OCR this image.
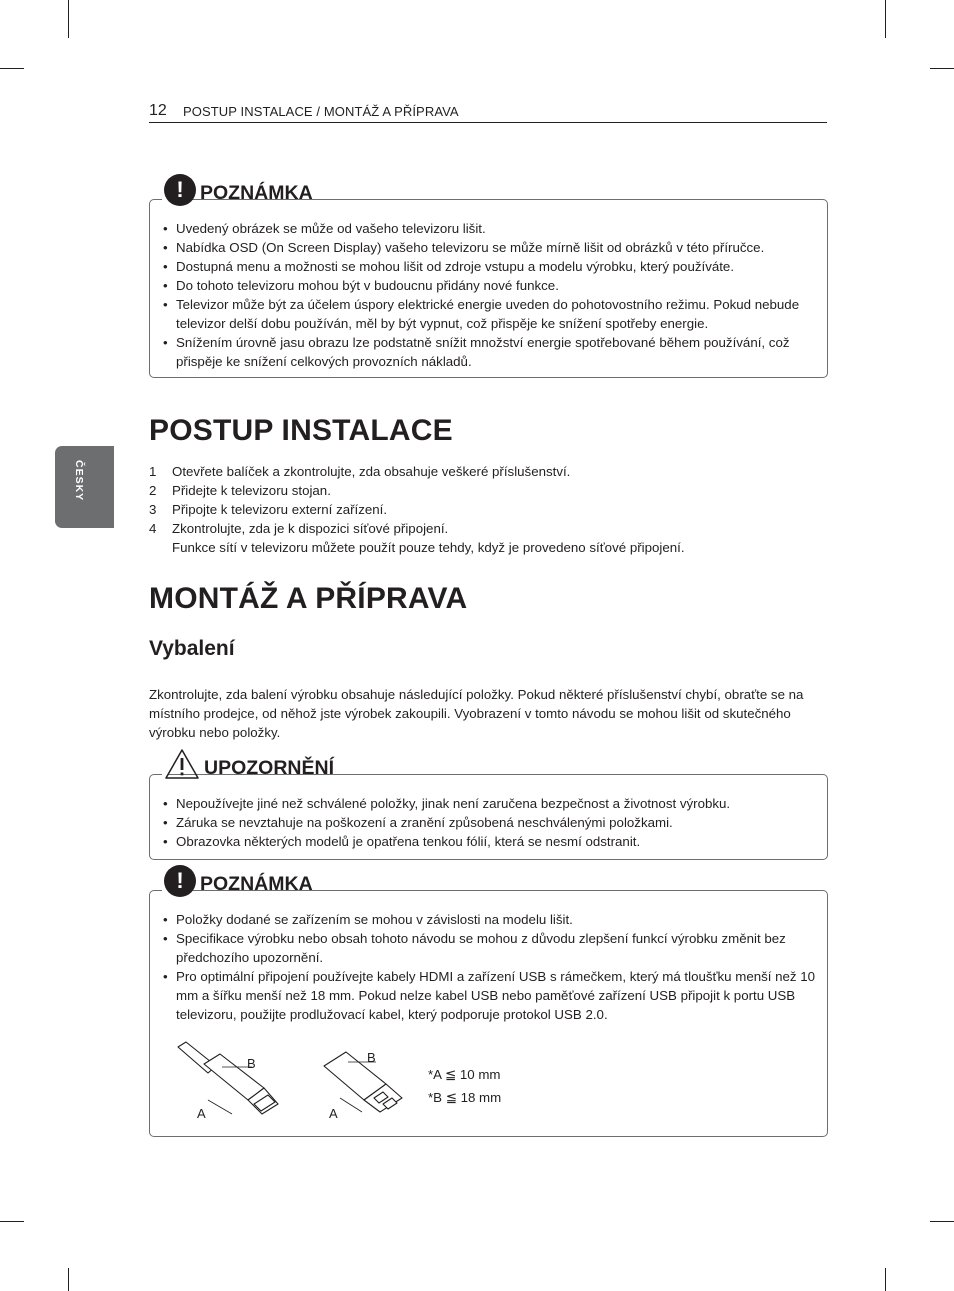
12 POSTUP INSTALACE / MONTÁŽ A PŘÍPRAVA
ČESKY
! POZNÁMKA
• Uvedený obrázek se může od vašeho televizoru lišit.
• Nabídka OSD (On Screen Display) vašeho televizoru se může mírně lišit od obrázků v této příručce.
• Dostupná menu a možnosti se mohou lišit od zdroje vstupu a modelu výrobku, který používáte.
• Do tohoto televizoru mohou být v budoucnu přidány nové funkce.
• Televizor může být za účelem úspory elektrické energie uveden do pohotovostního režimu. Pokud nebude televizor delší dobu používán, měl by být vypnut, což přispěje ke snížení spotřeby energie.
• Snížením úrovně jasu obrazu lze podstatně snížit množství energie spotřebované během používání, což přispěje ke snížení celkových provozních nákladů.
POSTUP INSTALACE
1 Otevřete balíček a zkontrolujte, zda obsahuje veškeré příslušenství.
2 Přidejte k televizoru stojan.
3 Připojte k televizoru externí zařízení.
4 Zkontrolujte, zda je k dispozici síťové připojení.
Funkce sítí v televizoru můžete použít pouze tehdy, když je provedeno síťové připojení.
MONTÁŽ A PŘÍPRAVA
Vybalení

Zkontrolujte, zda balení výrobku obsahuje následující položky. Pokud některé příslušenství chybí, obraťte se na místního prodejce, od něhož jste výrobek zakoupili. Vyobrazení v tomto návodu se mohou lišit od skutečného výrobku nebo položky.

UPOZORNĚNÍ
• Nepoužívejte jiné než schválené položky, jinak není zaručena bezpečnost a životnost výrobku.
• Záruka se nevztahuje na poškození a zranění způsobená neschválenými položkami.
• Obrazovka některých modelů je opatřena tenkou fólií, která se nesmí odstranit.
! POZNÁMKA
• Položky dodané se zařízením se mohou v závislosti na modelu lišit.
• Specifikace výrobku nebo obsah tohoto návodu se mohou z důvodu zlepšení funkcí výrobku změnit bez předchozího upozornění.
• Pro optimální připojení používejte kabely HDMI a zařízení USB s rámečkem, který má tloušťku menší než 10 mm a šířku menší než 18 mm. Pokud nelze kabel USB nebo paměťové zařízení USB připojit k portu USB televizoru, použijte prodlužovací kabel, který podporuje protokol USB 2.0.
B
A
B
A
*A ≦ 10 mm
*B ≦ 18 mm
